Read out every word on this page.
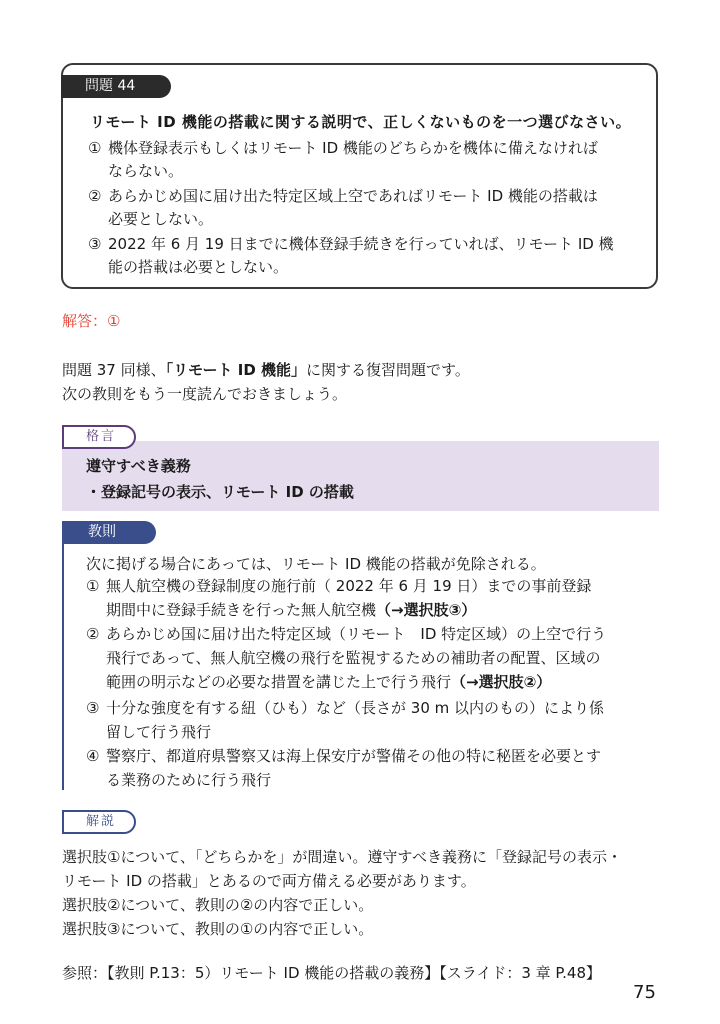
問題 44
リモート ID 機能の搭載に関する説明で、正しくないものを一つ選びなさい。
① 機体登録表示もしくはリモート ID 機能のどちらかを機体に備えなければ
ならない。
② あらかじめ国に届け出た特定区域上空であればリモート ID 機能の搭載は
必要としない。
③ 2022 年 6 月 19 日までに機体登録手続きを行っていれば、リモート ID 機
能の搭載は必要としない。
解答：①
問題 37 同様、「リモート ID 機能」に関する復習問題です。
次の教則をもう一度読んでおきましょう。
格言
遵守すべき義務
・登録記号の表示、リモート ID の搭載
教則
次に掲げる場合にあっては、リモート ID 機能の搭載が免除される。
① 無人航空機の登録制度の施行前（ 2022 年 6 月 19 日）までの事前登録
期間中に登録手続きを行った無人航空機（→選択肢③）
② あらかじめ国に届け出た特定区域（リモート　ID 特定区域）の上空で行う
飛行であって、無人航空機の飛行を監視するための補助者の配置、区域の
範囲の明示などの必要な措置を講じた上で行う飛行（→選択肢②）
③ 十分な強度を有する紐（ひも）など（長さが 30 m 以内のもの）により係
留して行う飛行
④ 警察庁、都道府県警察又は海上保安庁が警備その他の特に秘匿を必要とす
る業務のために行う飛行
解説

選択肢①について、「どちらかを」が間違い。遵守すべき義務に「登録記号の表示・

リモート ID の搭載」とあるので両方備える必要があります。

選択肢②について、教則の②の内容で正しい。

選択肢③について、教則の①の内容で正しい。

参照：【教則 P.13：5）リモート ID 機能の搭載の義務】【スライド：3 章 P.48】
75
